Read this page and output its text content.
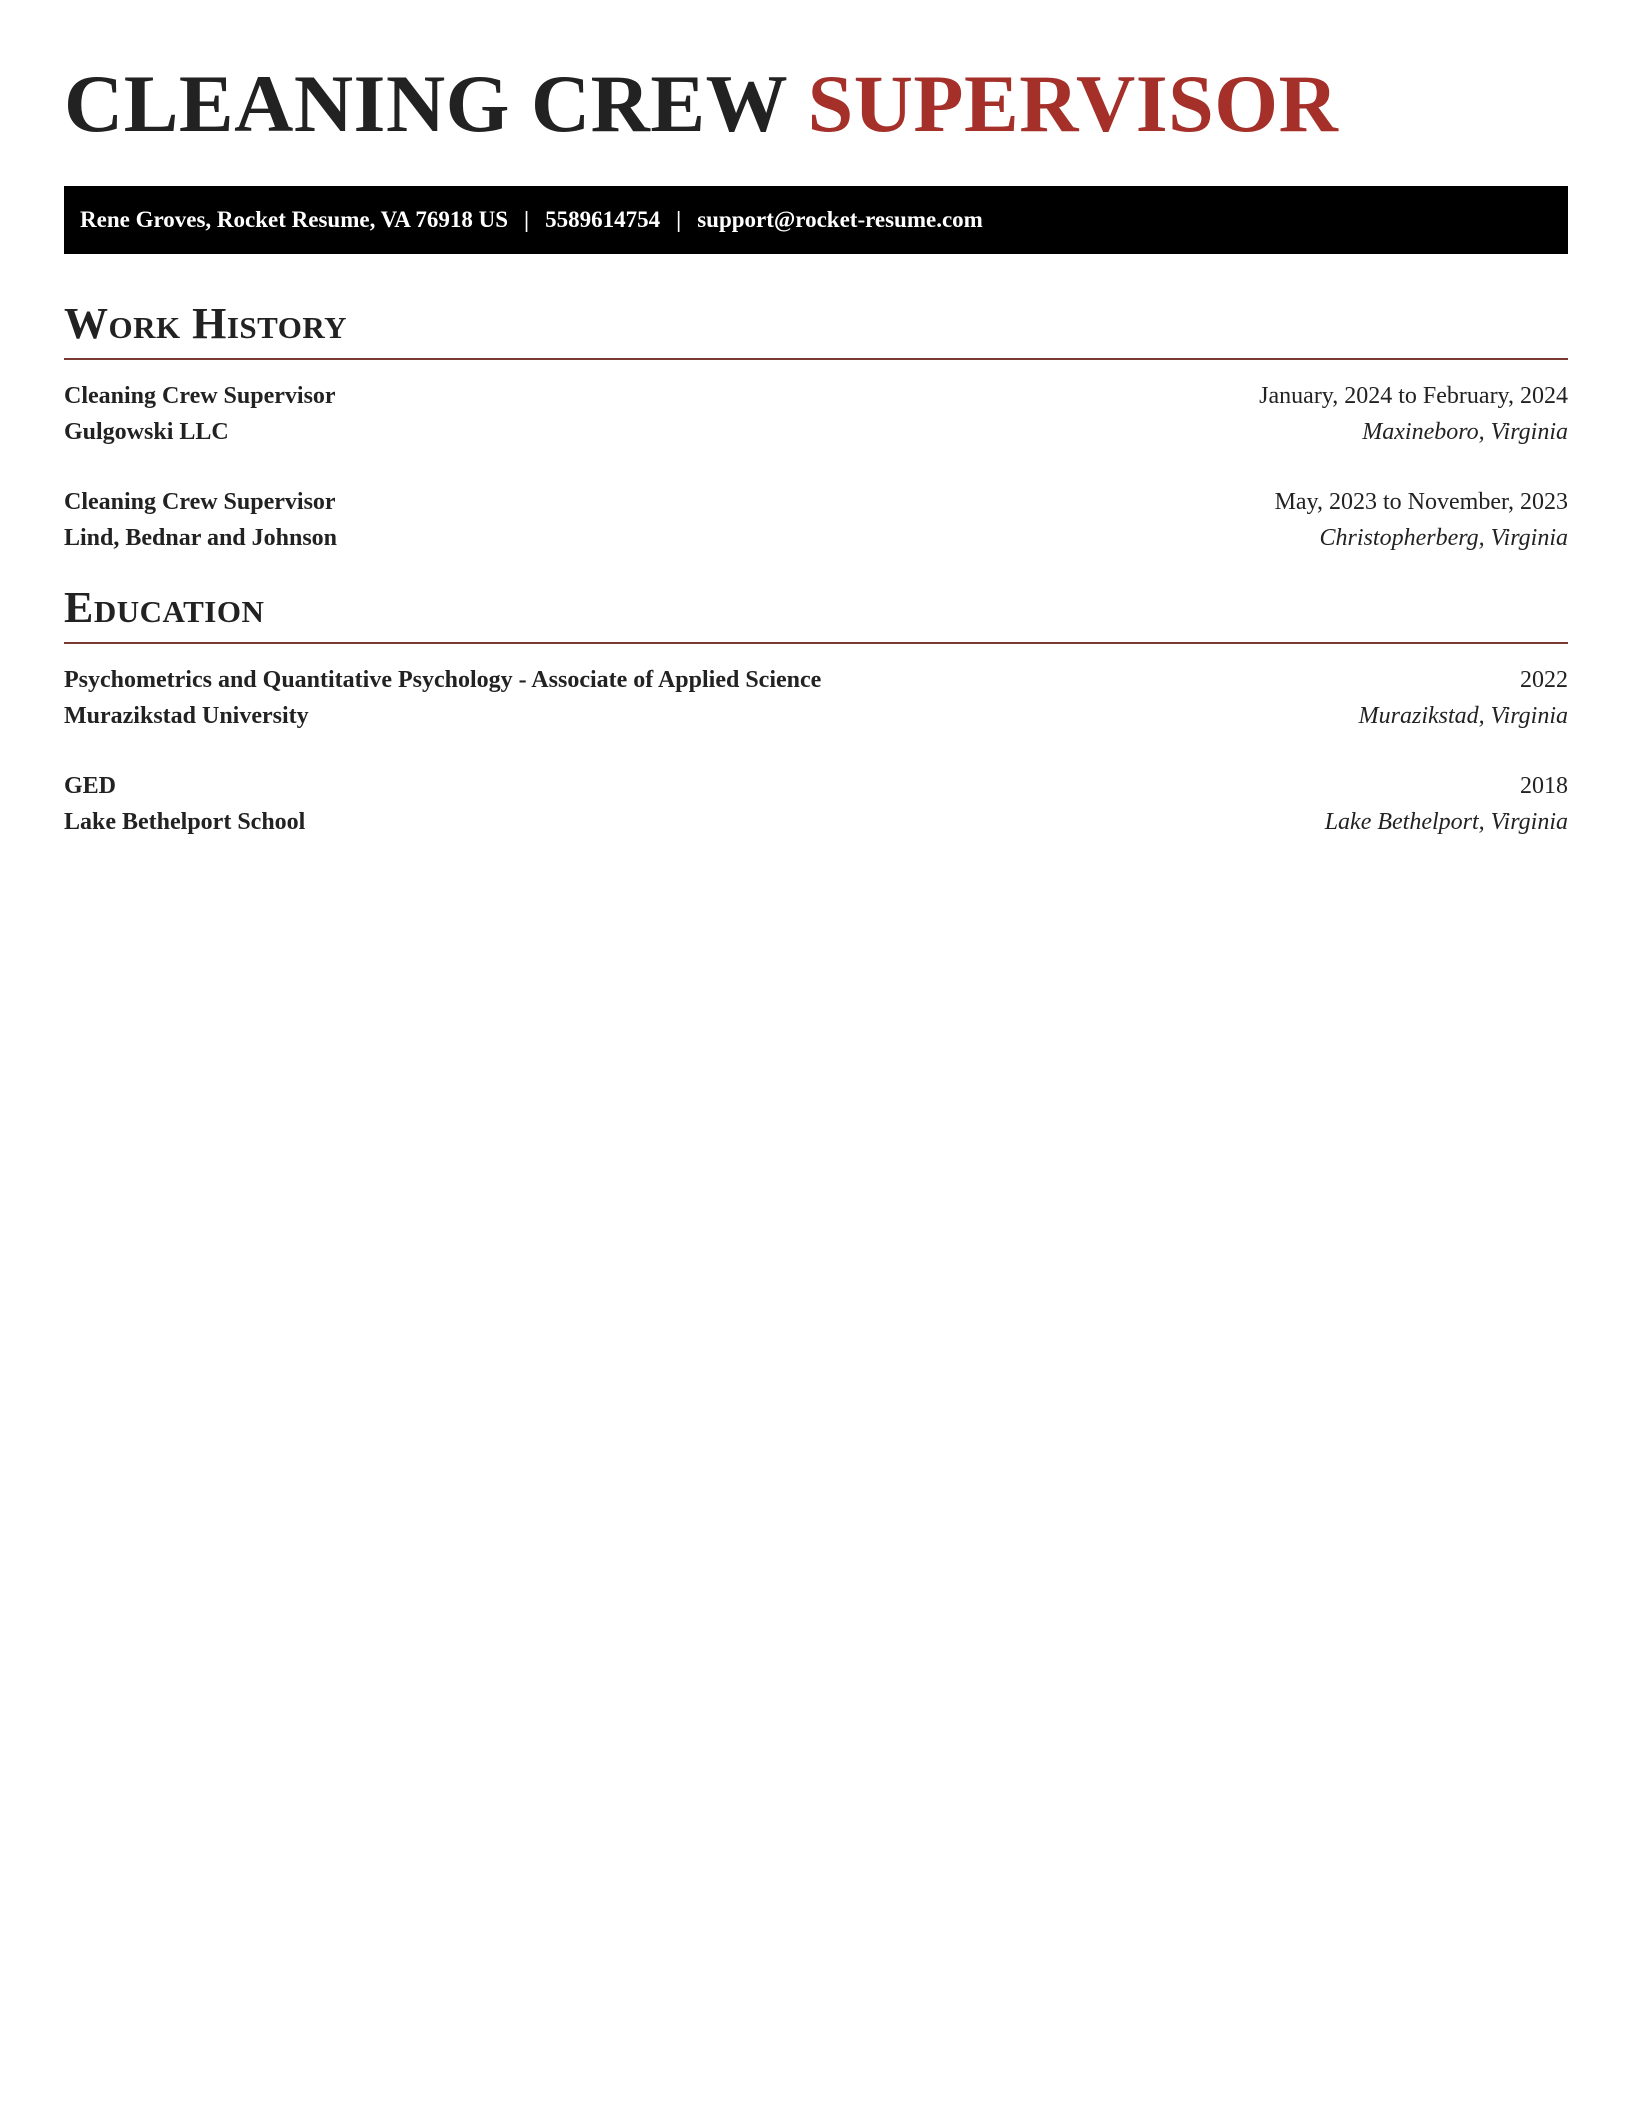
CLEANING CREW SUPERVISOR
Rene Groves, Rocket Resume, VA 76918 US | 5589614754 | support@rocket-resume.com
Work History
Cleaning Crew Supervisor	January, 2024 to February, 2024
Gulgowski LLC	Maxineboro, Virginia
Cleaning Crew Supervisor	May, 2023 to November, 2023
Lind, Bednar and Johnson	Christopherberg, Virginia
Education
Psychometrics and Quantitative Psychology - Associate of Applied Science	2022
Murazikstad University	Murazikstad, Virginia
GED	2018
Lake Bethelport School	Lake Bethelport, Virginia
